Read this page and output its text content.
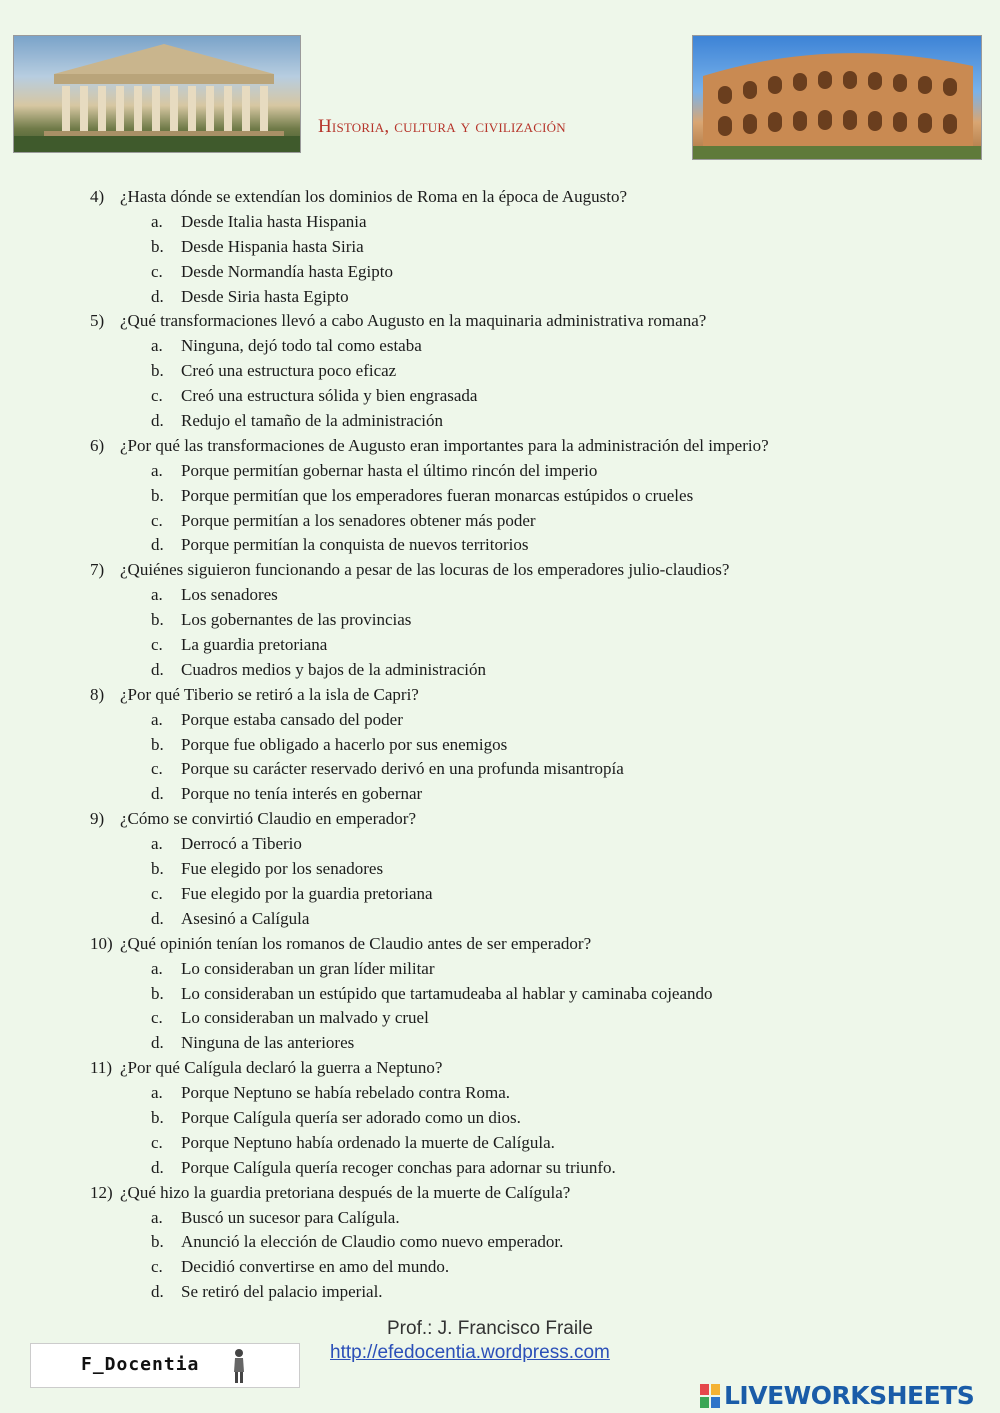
Historia, cultura y civilización
4) ¿Hasta dónde se extendían los dominios de Roma en la época de Augusto?
a. Desde Italia hasta Hispania
b. Desde Hispania hasta Siria
c. Desde Normandía hasta Egipto
d. Desde Siria hasta Egipto
5) ¿Qué transformaciones llevó a cabo Augusto en la maquinaria administrativa romana?
a. Ninguna, dejó todo tal como estaba
b. Creó una estructura poco eficaz
c. Creó una estructura sólida y bien engrasada
d. Redujo el tamaño de la administración
6) ¿Por qué las transformaciones de Augusto eran importantes para la administración del imperio?
a. Porque permitían gobernar hasta el último rincón del imperio
b. Porque permitían que los emperadores fueran monarcas estúpidos o crueles
c. Porque permitían a los senadores obtener más poder
d. Porque permitían la conquista de nuevos territorios
7) ¿Quiénes siguieron funcionando a pesar de las locuras de los emperadores julio-claudios?
a. Los senadores
b. Los gobernantes de las provincias
c. La guardia pretoriana
d. Cuadros medios y bajos de la administración
8) ¿Por qué Tiberio se retiró a la isla de Capri?
a. Porque estaba cansado del poder
b. Porque fue obligado a hacerlo por sus enemigos
c. Porque su carácter reservado derivó en una profunda misantropía
d. Porque no tenía interés en gobernar
9) ¿Cómo se convirtió Claudio en emperador?
a. Derrocó a Tiberio
b. Fue elegido por los senadores
c. Fue elegido por la guardia pretoriana
d. Asesinó a Calígula
10) ¿Qué opinión tenían los romanos de Claudio antes de ser emperador?
a. Lo consideraban un gran líder militar
b. Lo consideraban un estúpido que tartamudeaba al hablar y caminaba cojeando
c. Lo consideraban un malvado y cruel
d. Ninguna de las anteriores
11) ¿Por qué Calígula declaró la guerra a Neptuno?
a. Porque Neptuno se había rebelado contra Roma.
b. Porque Calígula quería ser adorado como un dios.
c. Porque Neptuno había ordenado la muerte de Calígula.
d. Porque Calígula quería recoger conchas para adornar su triunfo.
12) ¿Qué hizo la guardia pretoriana después de la muerte de Calígula?
a. Buscó un sucesor para Calígula.
b. Anunció la elección de Claudio como nuevo emperador.
c. Decidió convertirse en amo del mundo.
d. Se retiró del palacio imperial.
Prof.: J. Francisco Fraile
http://efedocentia.wordpress.com
F_Docentia
LIVEWORKSHEETS
